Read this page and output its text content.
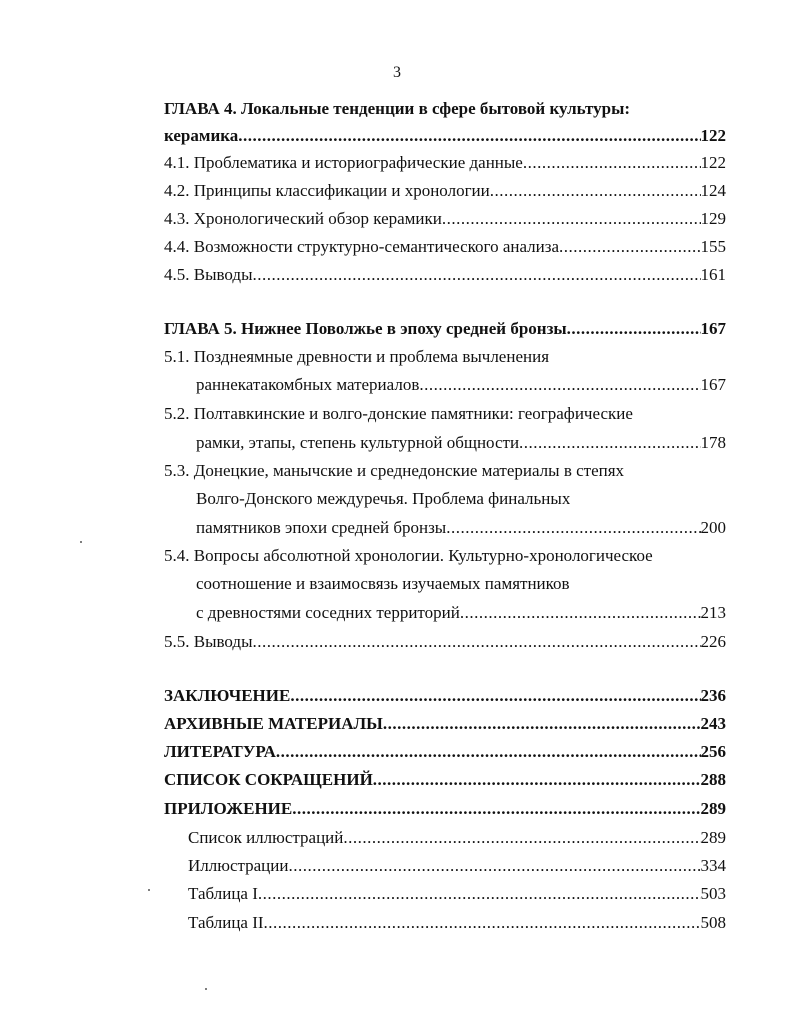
3
ГЛАВА 4. Локальные тенденции в сфере бытовой культуры:
керамика .....	122
4.1. Проблематика и историографические данные .....	122
4.2. Принципы классификации и хронологии .....	124
4.3. Хронологический обзор керамики .....	129
4.4. Возможности структурно-семантического анализа .....	155
4.5. Выводы .....	161
ГЛАВА 5. Нижнее Поволжье в эпоху средней бронзы .....	167
5.1. Позднеямные древности и проблема вычленения
раннекатакомбных материалов .....	167
5.2. Полтавкинские и волго-донские памятники: географические
рамки, этапы, степень культурной общности .....	178
5.3. Донецкие, манычские и среднедонские материалы в степях
Волго-Донского междуречья. Проблема финальных
памятников эпохи средней бронзы .....	200
5.4. Вопросы абсолютной хронологии. Культурно-хронологическое
соотношение и взаимосвязь изучаемых памятников
с древностями соседних территорий .....	213
5.5. Выводы .....	226
ЗАКЛЮЧЕНИЕ .....	236
АРХИВНЫЕ МАТЕРИАЛЫ .....	243
ЛИТЕРАТУРА .....	256
СПИСОК СОКРАЩЕНИЙ .....	288
ПРИЛОЖЕНИЕ .....	289
Список иллюстраций .....	289
Иллюстрации .....	334
Таблица I .....	503
Таблица II .....	508
